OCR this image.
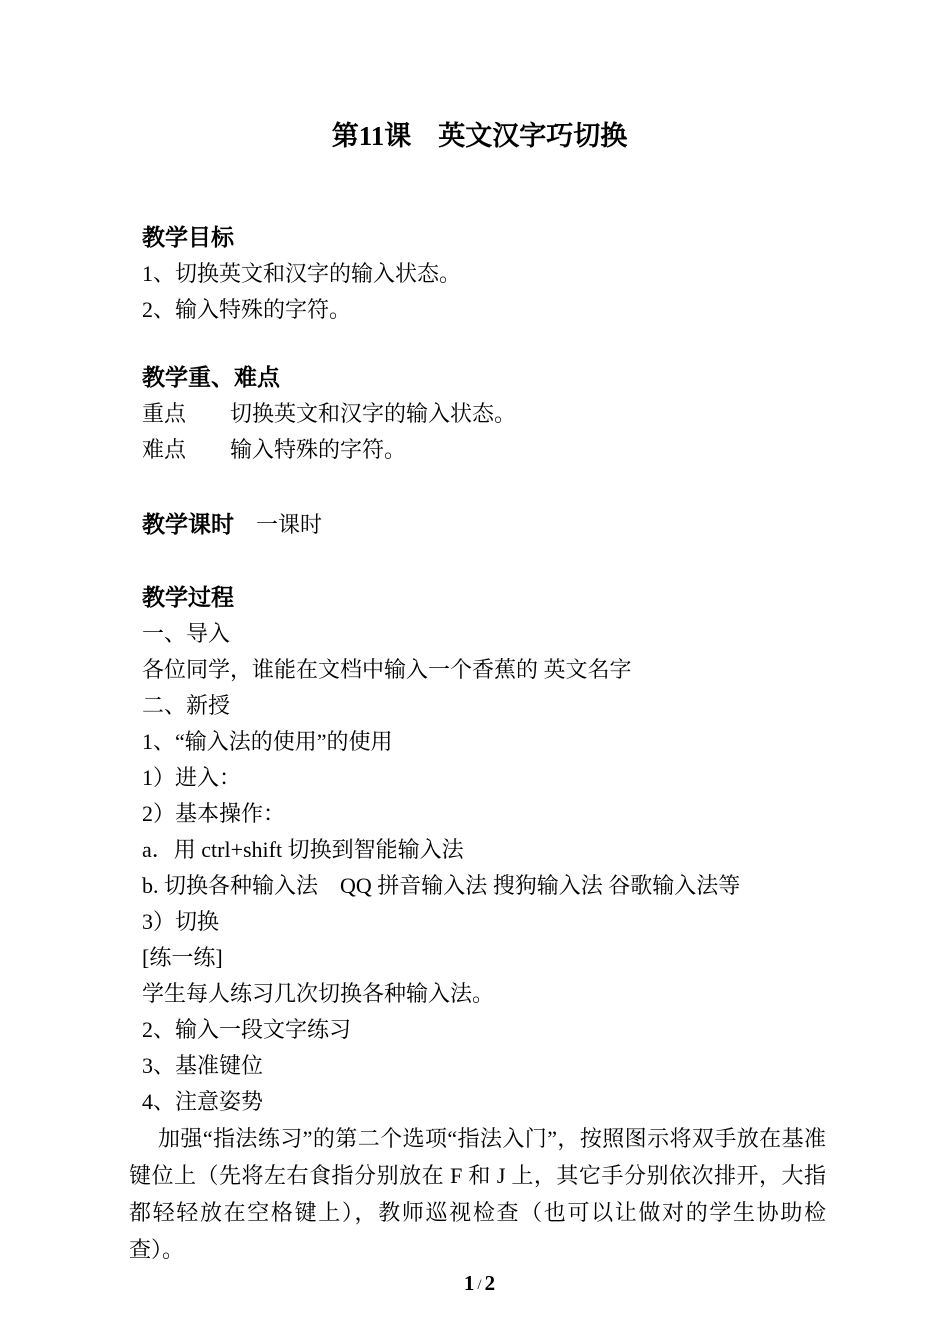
第11课　英文汉字巧切换
教学目标
1、切换英文和汉字的输入状态。
2、输入特殊的字符。
教学重、难点
重点　　切换英文和汉字的输入状态。
难点　　输入特殊的字符。
教学课时　一课时
教学过程
一、导入
各位同学，谁能在文档中输入一个香蕉的 英文名字
二、新授
1、“输入法的使用”的使用
1）进入：
2）基本操作：
a．用 ctrl+shift 切换到智能输入法
b. 切换各种输入法　QQ 拼音输入法 搜狗输入法 谷歌输入法等
3）切换
[练一练]
学生每人练习几次切换各种输入法。
2、输入一段文字练习
3、基准键位
4、注意姿势
加强“指法练习”的第二个选项“指法入门”，按照图示将双手放在基准 键位上（先将左右食指分别放在 F 和 J 上，其它手分别依次排开，大指都轻轻放在空格键上），教师巡视检查（也可以让做对的学生协助检查）。
1 / 2
